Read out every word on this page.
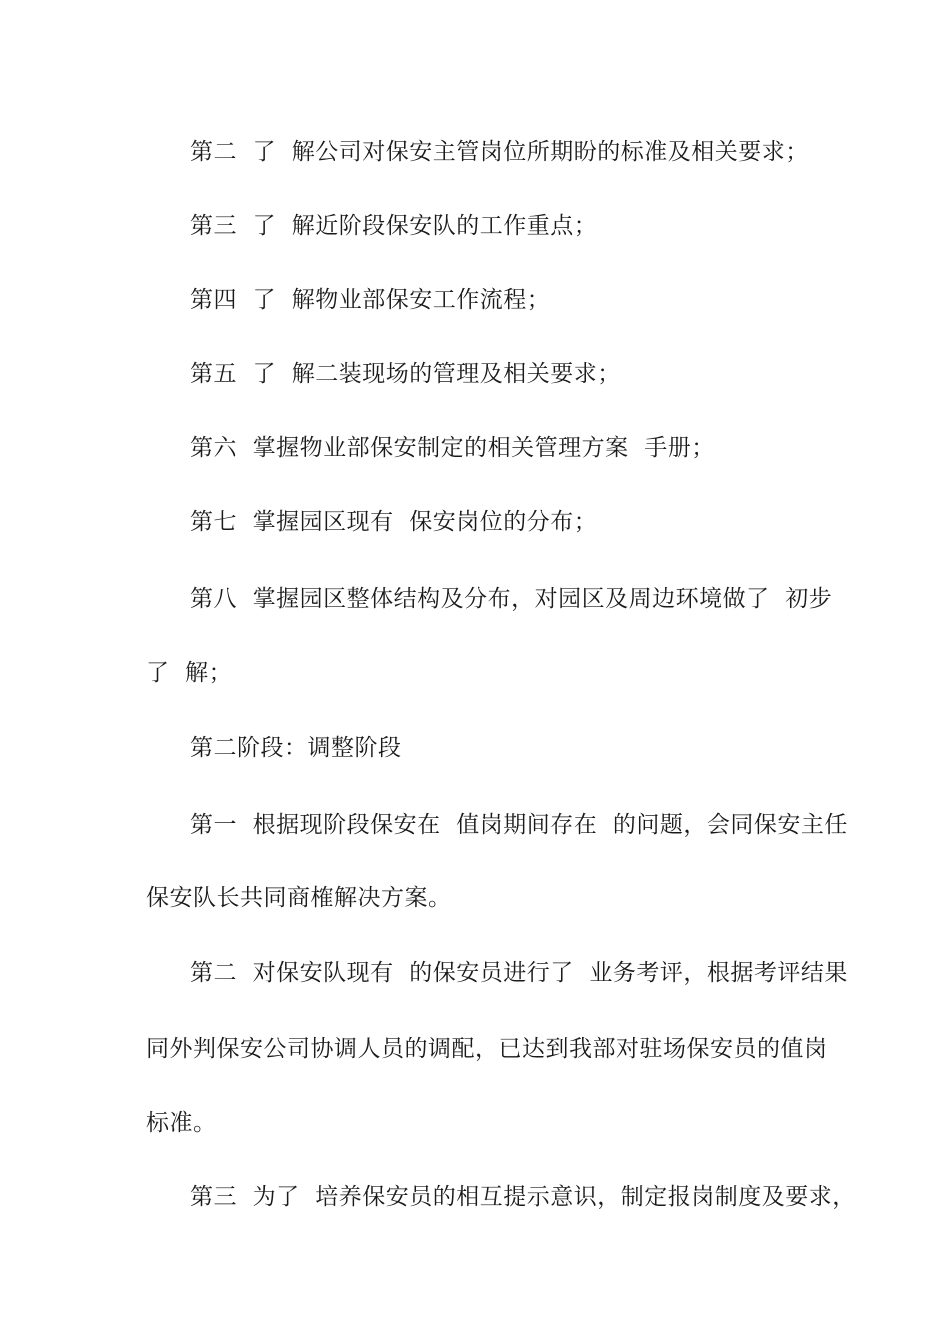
第二  了  解公司对保安主管岗位所期盼的标准及相关要求；

第三  了  解近阶段保安队的工作重点；

第四  了  解物业部保安工作流程；

第五  了  解二装现场的管理及相关要求；

第六  掌握物业部保安制定的相关管理方案  手册；

第七  掌握园区现有  保安岗位的分布；

第八  掌握园区整体结构及分布，对园区及周边环境做了  初步

了  解；

第二阶段：调整阶段

第一  根据现阶段保安在  值岗期间存在  的问题，会同保安主任

保安队长共同商榷解决方案。

第二  对保安队现有  的保安员进行了  业务考评，根据考评结果

同外判保安公司协调人员的调配，已达到我部对驻场保安员的值岗

标准。

第三  为了  培养保安员的相互提示意识，制定报岗制度及要求，
